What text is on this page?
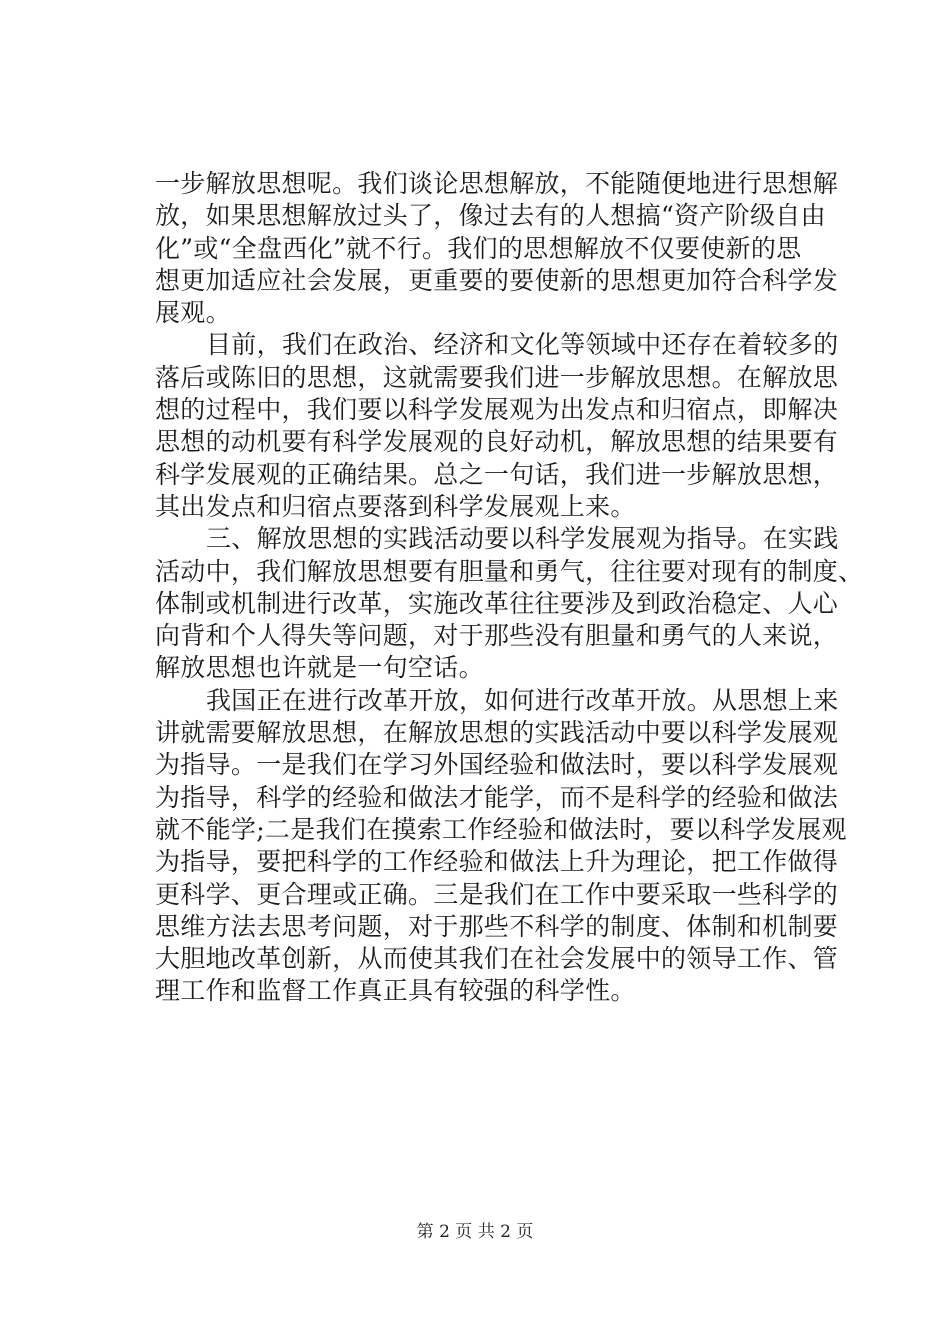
一步解放思想呢。我们谈论思想解放，不能随便地进行思想解
放，如果思想解放过头了，像过去有的人想搞“资产阶级自由
化”或“全盘西化”就不行。我们的思想解放不仅要使新的思
想更加适应社会发展，更重要的要使新的思想更加符合科学发
展观。
目前，我们在政治、经济和文化等领域中还存在着较多的
落后或陈旧的思想，这就需要我们进一步解放思想。在解放思
想的过程中，我们要以科学发展观为出发点和归宿点，即解决
思想的动机要有科学发展观的良好动机，解放思想的结果要有
科学发展观的正确结果。总之一句话，我们进一步解放思想，
其出发点和归宿点要落到科学发展观上来。
三、解放思想的实践活动要以科学发展观为指导。在实践
活动中，我们解放思想要有胆量和勇气，往往要对现有的制度、
体制或机制进行改革，实施改革往往要涉及到政治稳定、人心
向背和个人得失等问题，对于那些没有胆量和勇气的人来说，
解放思想也许就是一句空话。
我国正在进行改革开放，如何进行改革开放。从思想上来
讲就需要解放思想，在解放思想的实践活动中要以科学发展观
为指导。一是我们在学习外国经验和做法时，要以科学发展观
为指导，科学的经验和做法才能学，而不是科学的经验和做法
就不能学;二是我们在摸索工作经验和做法时，要以科学发展观
为指导，要把科学的工作经验和做法上升为理论，把工作做得
更科学、更合理或正确。三是我们在工作中要采取一些科学的
思维方法去思考问题，对于那些不科学的制度、体制和机制要
大胆地改革创新，从而使其我们在社会发展中的领导工作、管
理工作和监督工作真正具有较强的科学性。
第 2 页 共 2 页
